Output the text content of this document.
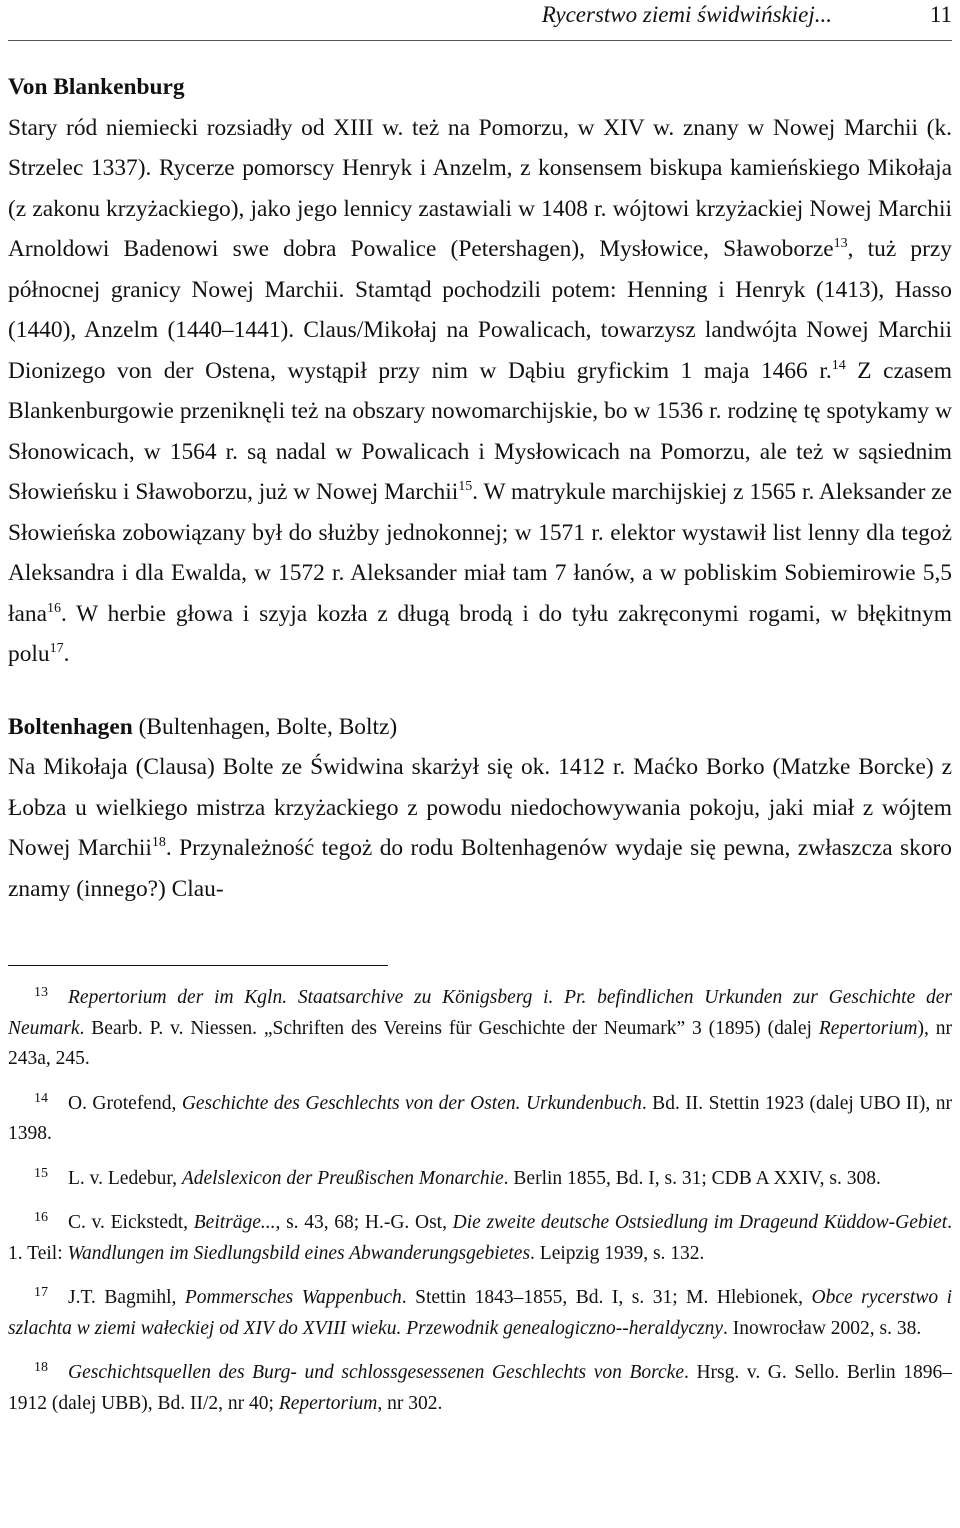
Rycerstwo ziemi świdwińskiej...	11
Von Blankenburg

Stary ród niemiecki rozsiadły od XIII w. też na Pomorzu, w XIV w. znany w Nowej Marchii (k. Strzelec 1337). Rycerze pomorscy Henryk i Anzelm, z konsensem biskupa kamieńskiego Mikołaja (z zakonu krzyżackiego), jako jego lennicy zastawiali w 1408 r. wójtowi krzyżackiej Nowej Marchii Arnoldowi Badenowi swe dobra Powalice (Petershagen), Mysłowice, Sławoborze$^{13}$, tuż przy północnej granicy Nowej Marchii. Stamtąd pochodzili potem: Henning i Henryk (1413), Hasso (1440), Anzelm (1440–1441). Claus/Mikołaj na Powalicach, towarzysz landwójta Nowej Marchii Dionizego von der Ostena, wystąpił przy nim w Dąbiu gryfickim 1 maja 1466 r.$^{14}$ Z czasem Blankenburgowie przeniknęli też na obszary nowomarchijskie, bo w 1536 r. rodzinę tę spotykamy w Słonowicach, w 1564 r. są nadal w Powalicach i Mysłowicach na Pomorzu, ale też w sąsiednim Słowieńsku i Sławoborzu, już w Nowej Marchii$^{15}$. W matrykule marchijskiej z 1565 r. Aleksander ze Słowieńska zobowiązany był do służby jednokonnej; w 1571 r. elektor wystawił list lenny dla tegoż Aleksandra i dla Ewalda, w 1572 r. Aleksander miał tam 7 łanów, a w pobliskim Sobiemirowie 5,5 łana$^{16}$. W herbie głowa i szyja kozła z długą brodą i do tyłu zakręconymi rogami, w błękitnym polu$^{17}$.

Boltenhagen (Bultenhagen, Bolte, Boltz)

Na Mikołaja (Clausa) Bolte ze Świdwina skarżył się ok. 1412 r. Maćko Borko (Matzke Borcke) z Łobza u wielkiego mistrza krzyżackiego z powodu niedochowywania pokoju, jaki miał z wójtem Nowej Marchii$^{18}$. Przynależność tegoż do rodu Boltenhagenów wydaje się pewna, zwłaszcza skoro znamy (innego?) Clau-

13 Repertorium der im Kgln. Staatsarchive zu Königsberg i. Pr. befindlichen Urkunden zur Geschichte der Neumark. Bearb. P. v. Niessen. „Schriften des Vereins für Geschichte der Neumark” 3 (1895) (dalej Repertorium), nr 243a, 245.
14 O. Grotefend, Geschichte des Geschlechts von der Osten. Urkundenbuch. Bd. II. Stettin 1923 (dalej UBO II), nr 1398.
15 L. v. Ledebur, Adelslexicon der Preußischen Monarchie. Berlin 1855, Bd. I, s. 31; CDB A XXIV, s. 308.
16 C. v. Eickstedt, Beiträge..., s. 43, 68; H.-G. Ost, Die zweite deutsche Ostsiedlung im Drageund Küddow-Gebiet. 1. Teil: Wandlungen im Siedlungsbild eines Abwanderungsgebietes. Leipzig 1939, s. 132.
17 J.T. Bagmihl, Pommersches Wappenbuch. Stettin 1843–1855, Bd. I, s. 31; M. Hlebionek, Obce rycerstwo i szlachta w ziemi wałeckiej od XIV do XVIII wieku. Przewodnik genealogiczno--heraldyczny. Inowrocław 2002, s. 38.
18 Geschichtsquellen des Burg- und schlossgesessenen Geschlechts von Borcke. Hrsg. v. G. Sello. Berlin 1896–1912 (dalej UBB), Bd. II/2, nr 40; Repertorium, nr 302.
